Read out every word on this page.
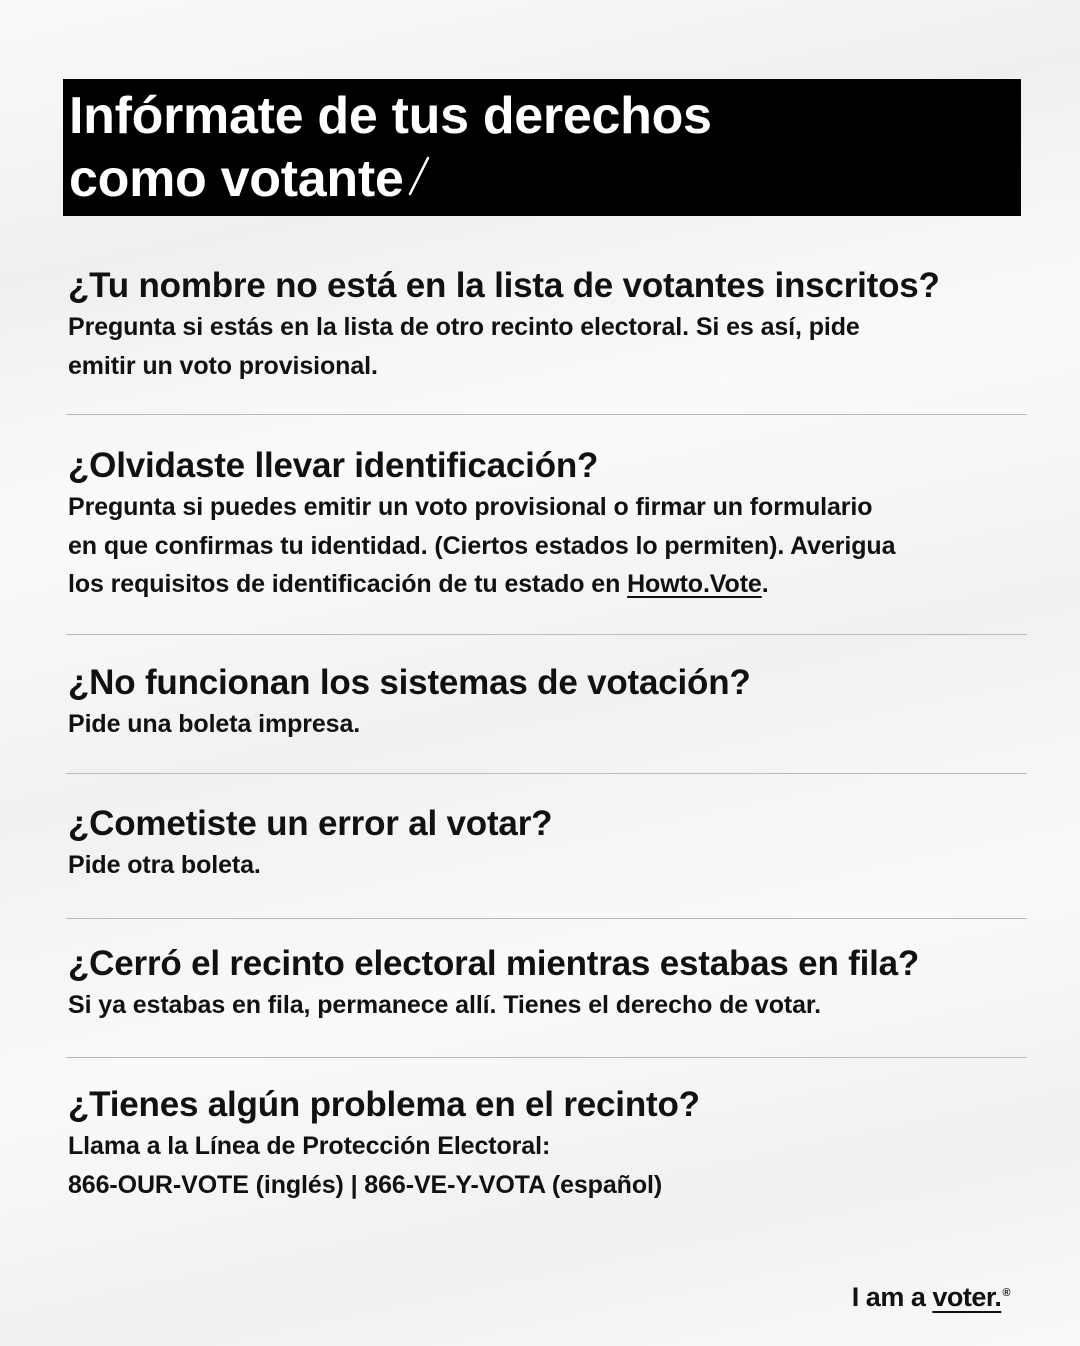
Infórmate de tus derechos
como votante

¿Tu nombre no está en la lista de votantes inscritos?

Pregunta si estás en la lista de otro recinto electoral. Si es así, pide
emitir un voto provisional.

¿Olvidaste llevar identificación?

Pregunta si puedes emitir un voto provisional o firmar un formulario
en que confirmas tu identidad. (Ciertos estados lo permiten). Averigua
los requisitos de identificación de tu estado en Howto.Vote.

¿No funcionan los sistemas de votación?

Pide una boleta impresa.

¿Cometiste un error al votar?

Pide otra boleta.

¿Cerró el recinto electoral mientras estabas en fila?

Si ya estabas en fila, permanece allí. Tienes el derecho de votar.

¿Tienes algún problema en el recinto?

Llama a la Línea de Protección Electoral:
866-OUR-VOTE (inglés) | 866-VE-Y-VOTA (español)

I am a voter.®
